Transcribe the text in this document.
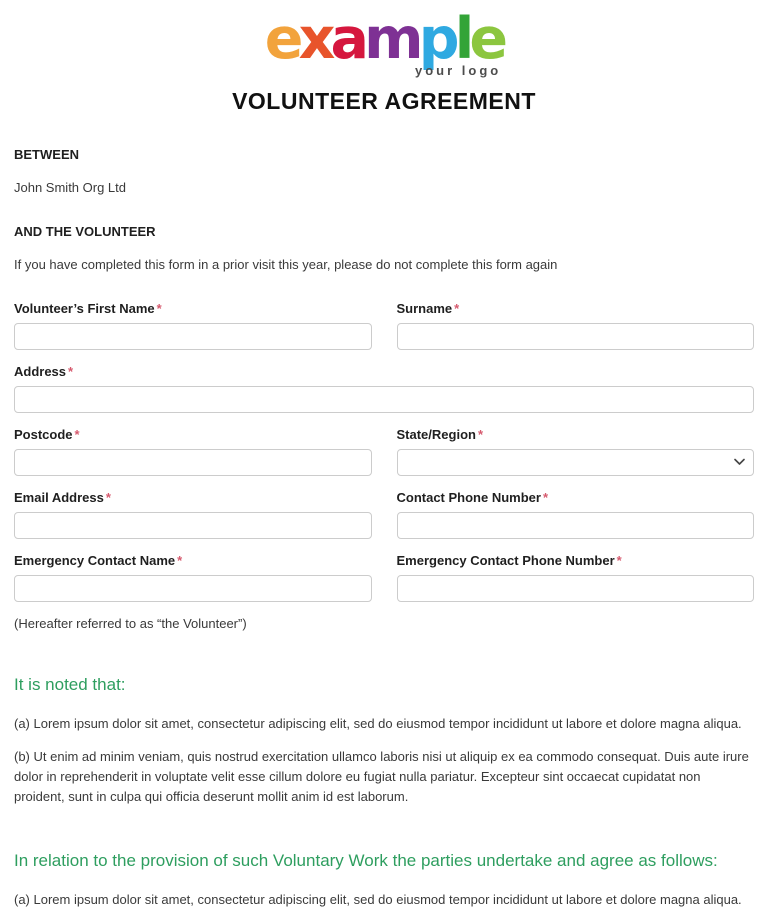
example
your logo
VOLUNTEER AGREEMENT
BETWEEN
John Smith Org Ltd
AND THE VOLUNTEER
If you have completed this form in a prior visit this year, please do not complete this form again
Volunteer’s First Name *	Surname *
Address *
Postcode *	State/Region *
Email Address *	Contact Phone Number *
Emergency Contact Name *	Emergency Contact Phone Number *
(Hereafter referred to as “the Volunteer”)
It is noted that:

(a) Lorem ipsum dolor sit amet, consectetur adipiscing elit, sed do eiusmod tempor incididunt ut labore et dolore magna aliqua.

(b) Ut enim ad minim veniam, quis nostrud exercitation ullamco laboris nisi ut aliquip ex ea commodo consequat. Duis aute irure dolor in reprehenderit in voluptate velit esse cillum dolore eu fugiat nulla pariatur. Excepteur sint occaecat cupidatat non proident, sunt in culpa qui officia deserunt mollit anim id est laborum.

In relation to the provision of such Voluntary Work the parties undertake and agree as follows:

(a) Lorem ipsum dolor sit amet, consectetur adipiscing elit, sed do eiusmod tempor incididunt ut labore et dolore magna aliqua.
